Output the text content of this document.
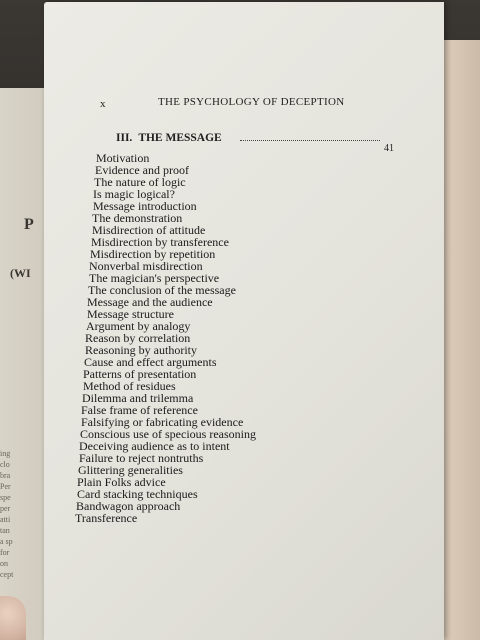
P
(WI
ing
clo
bra
Per
spe
per
atti
tan
a sp
for
on
cept
x	THE PSYCHOLOGY OF DECEPTION
III. THE MESSAGE
41
Motivation
Evidence and proof
The nature of logic
Is magic logical?
Message introduction
The demonstration
Misdirection of attitude
Misdirection by transference
Misdirection by repetition
Nonverbal misdirection
The magician's perspective
The conclusion of the message
Message and the audience
Message structure
Argument by analogy
Reason by correlation
Reasoning by authority
Cause and effect arguments
Patterns of presentation
Method of residues
Dilemma and trilemma
False frame of reference
Falsifying or fabricating evidence
Conscious use of specious reasoning
Deceiving audience as to intent
Failure to reject nontruths
Glittering generalities
Plain Folks advice
Card stacking techniques
Bandwagon approach
Transference
